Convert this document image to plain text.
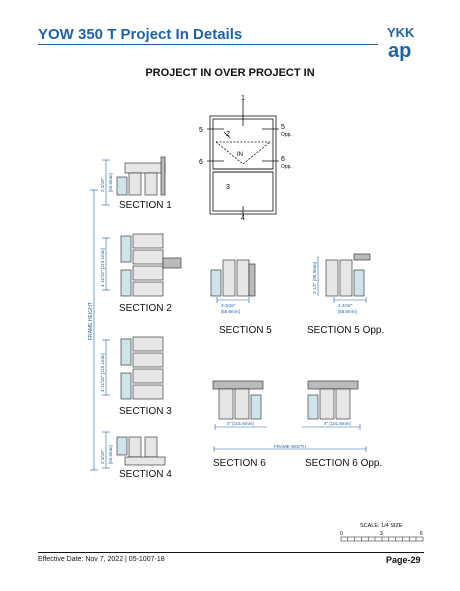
YOW 350 T Project In Details	YKK
ap
PROJECT IN OVER PROJECT IN
1
2
3
4
5	5
Opp.
6	6
Opp.
IN
FRAME HEIGHT
2-3/16" [55.6mm]
4-11/16" [119.1mm]
4-11/16" [119.1mm]
2-3/16" [55.6mm]
SECTION 1
SECTION 2
SECTION 3
SECTION 4
2-3/16"
[55.6mm]
SECTION 5
3-1/2" [88.9mm]
2-3/16"
[55.6mm]
SECTION 5 Opp.
4" [101.6mm]	4" [101.6mm]
FRAME WIDTH
SECTION 6	SECTION 6 Opp.
SCALE: 1/4 SIZE
0	3	6
Effective Date: Nov 7, 2022 | 05-1007-18	Page-29
